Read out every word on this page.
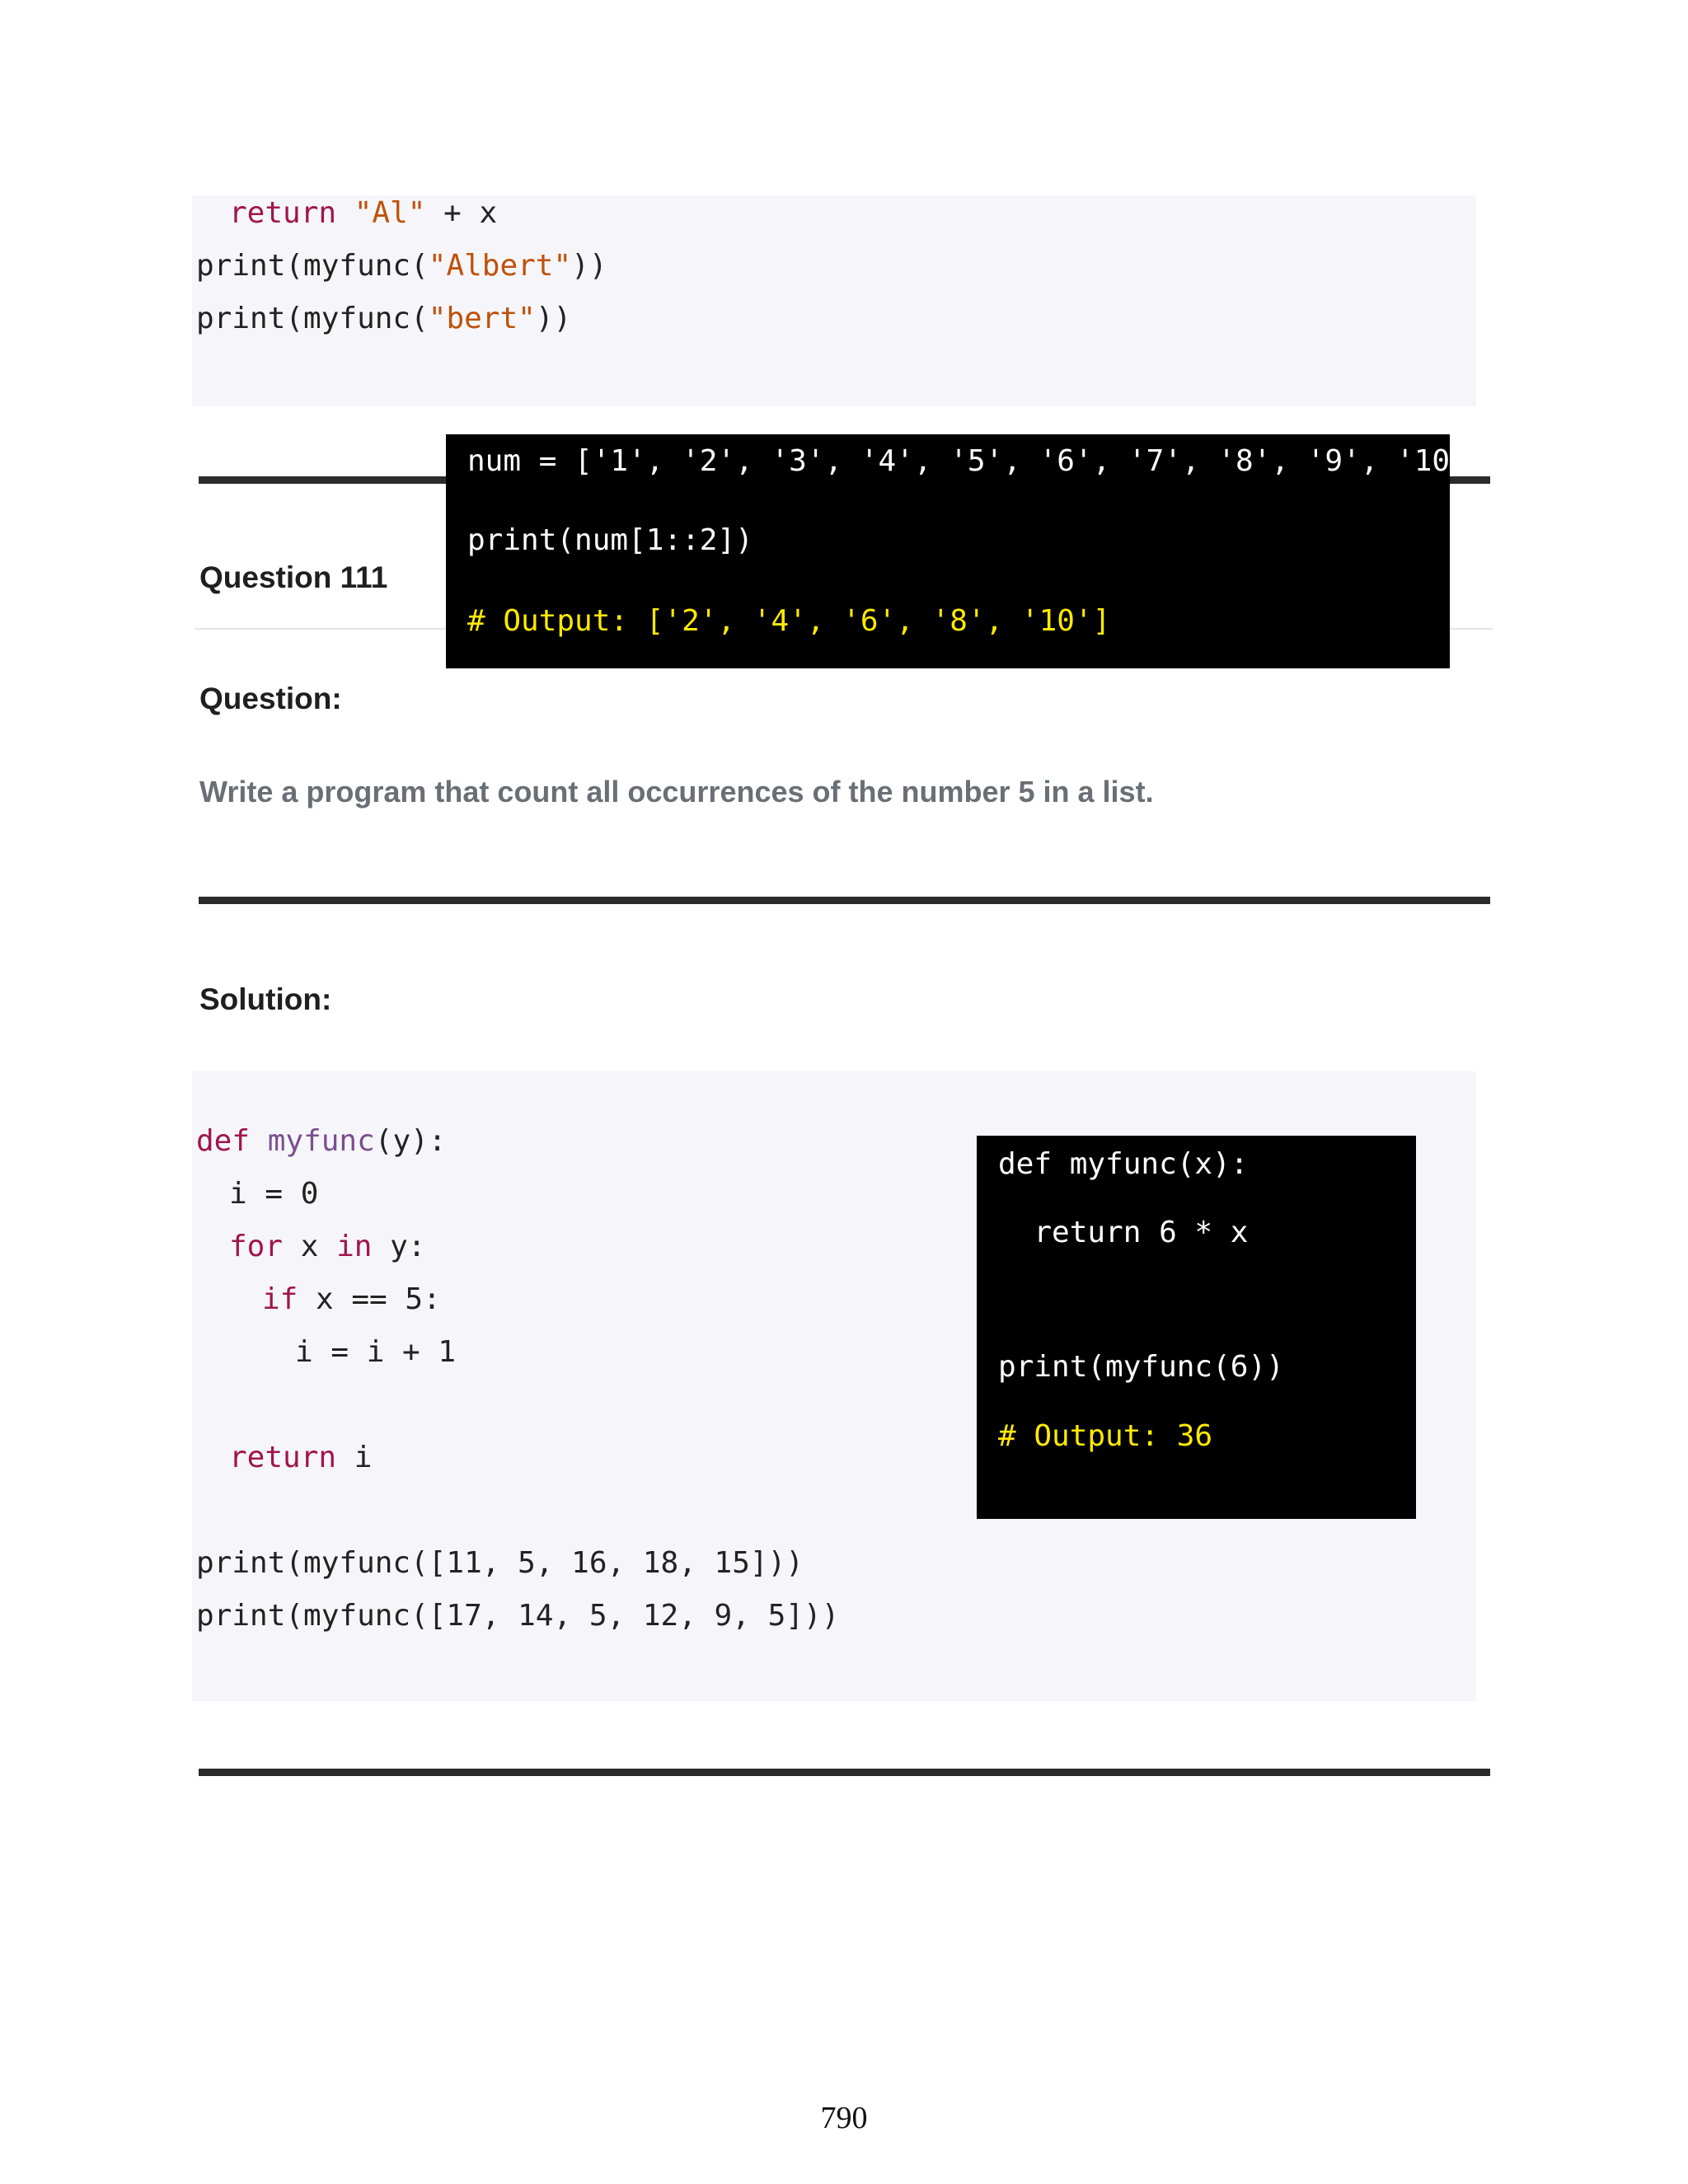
return "Al" + x
print(myfunc("Albert"))
print(myfunc("bert"))
Question 111
num = ['1', '2', '3', '4', '5', '6', '7', '8', '9', '10']
print(num[1::2])
# Output: ['2', '4', '6', '8', '10']
Question:
Write a program that count all occurrences of the number 5 in a list.
Solution:
def myfunc(y):
i = 0
for x in y:
if x == 5:
i = i + 1
return i
print(myfunc([11, 5, 16, 18, 15]))
print(myfunc([17, 14, 5, 12, 9, 5]))
def myfunc(x):
return 6 * x
print(myfunc(6))
# Output: 36
790
